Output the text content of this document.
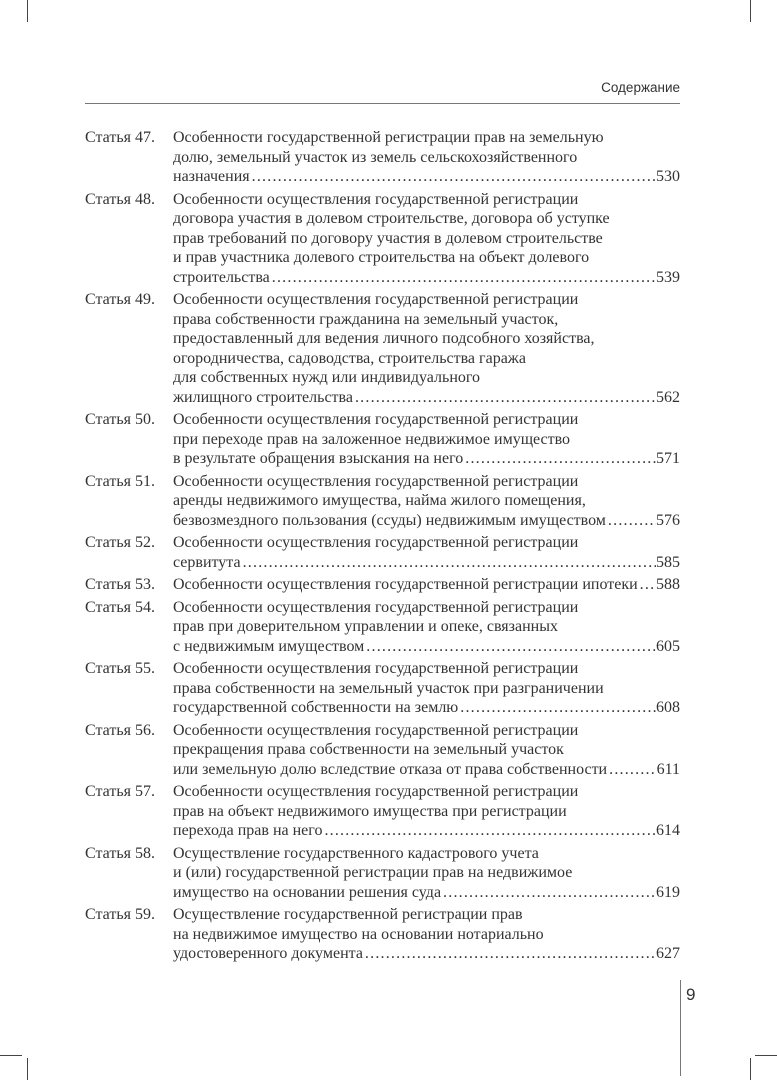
Содержание
Статья 47.	Особенности государственной регистрации прав на земельную
долю, земельный участок из земель сельскохозяйственного
назначения .....	530
Статья 48.	Особенности осуществления государственной регистрации
договора участия в долевом строительстве, договора об уступке
прав требований по договору участия в долевом строительстве
и прав участника долевого строительства на объект долевого
строительства .....	539
Статья 49.	Особенности осуществления государственной регистрации
права собственности гражданина на земельный участок,
предоставленный для ведения личного подсобного хозяйства,
огородничества, садоводства, строительства гаража
для собственных нужд или индивидуального
жилищного строительства .....	562
Статья 50.	Особенности осуществления государственной регистрации
при переходе прав на заложенное недвижимое имущество
в результате обращения взыскания на него .....	571
Статья 51.	Особенности осуществления государственной регистрации
аренды недвижимого имущества, найма жилого помещения,
безвозмездного пользования (ссуды) недвижимым имуществом .....	576
Статья 52.	Особенности осуществления государственной регистрации
сервитута .....	585
Статья 53.	Особенности осуществления государственной регистрации ипотеки ..... 588
Статья 54.	Особенности осуществления государственной регистрации
прав при доверительном управлении и опеке, связанных
с недвижимым имуществом .....	605
Статья 55.	Особенности осуществления государственной регистрации
права собственности на земельный участок при разграничении
государственной собственности на землю .....	608
Статья 56.	Особенности осуществления государственной регистрации
прекращения права собственности на земельный участок
или земельную долю вследствие отказа от права собственности .....	611
Статья 57.	Особенности осуществления государственной регистрации
прав на объект недвижимого имущества при регистрации
перехода прав на него .....	614
Статья 58.	Осуществление государственного кадастрового учета
и (или) государственной регистрации прав на недвижимое
имущество на основании решения суда .....	619
Статья 59.	Осуществление государственной регистрации прав
на недвижимое имущество на основании нотариально
удостоверенного документа .....	627
9
